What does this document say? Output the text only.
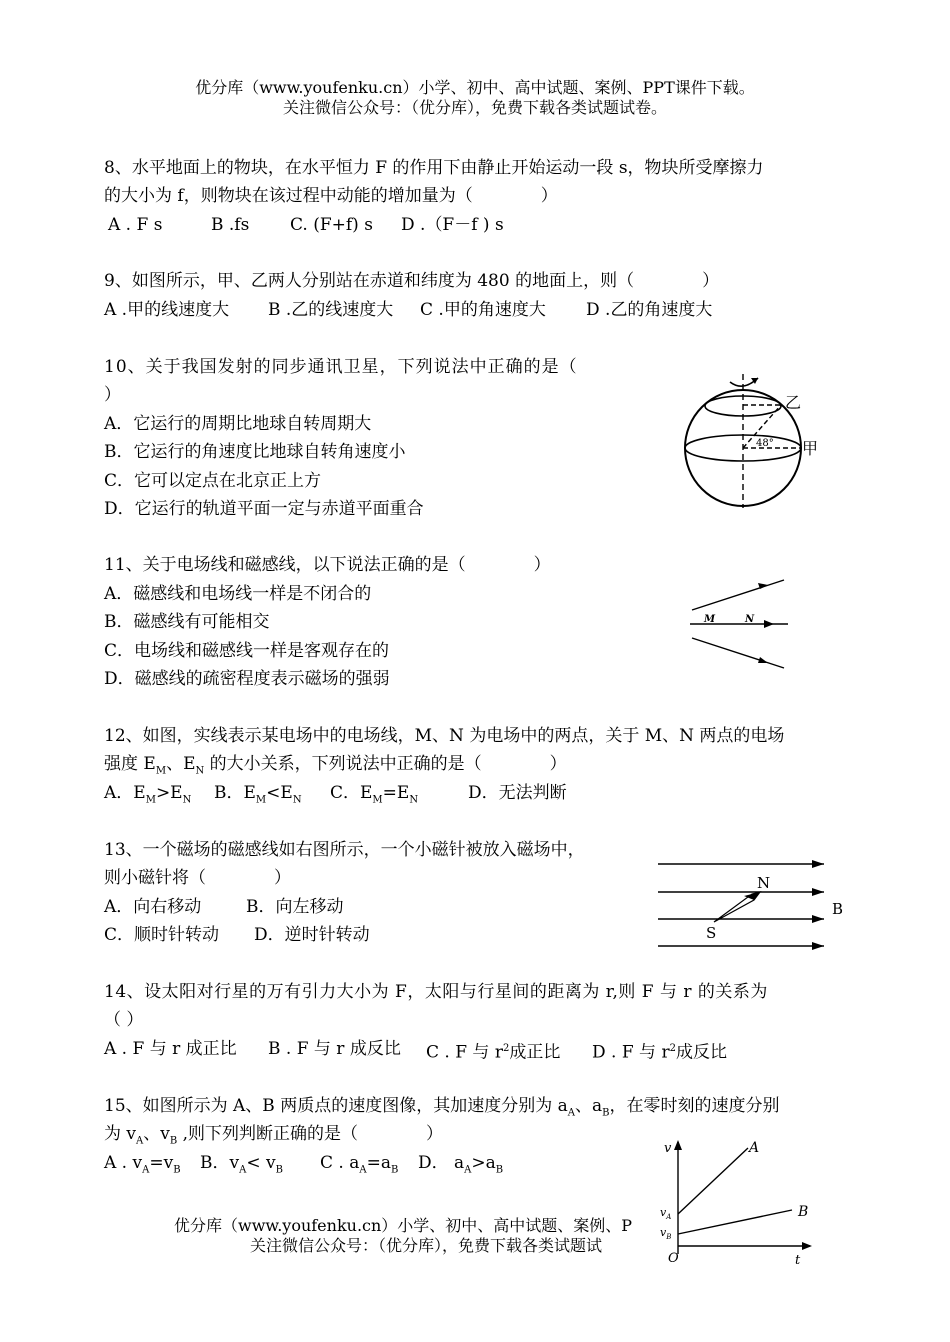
优分库（www.youfenku.cn）小学、初中、高中试题、案例、PPT课件下载。
关注微信公众号：（优分库），免费下载各类试题试卷。
8、水平地面上的物块，在水平恒力 F 的作用下由静止开始运动一段 s，物块所受摩擦力
的大小为 f，则物块在该过程中动能的增加量为（　　　　）
A . F s	B .fs C. (F+f) s D .（F－f ) s
9、如图所示，甲、乙两人分别站在赤道和纬度为 480 的地面上，则（　　　　）
A .甲的线速度大 B .乙的线速度大 C .甲的角速度大 D .乙的角速度大
10、关于我国发射的同步通讯卫星，下列说法中正确的是（
）
A．它运行的周期比地球自转周期大
B．它运行的角速度比地球自转角速度小
C．它可以定点在北京正上方
D．它运行的轨道平面一定与赤道平面重合
48°
乙
甲
11、关于电场线和磁感线，以下说法正确的是（　　　　）
A．磁感线和电场线一样是不闭合的
B．磁感线有可能相交
C．电场线和磁感线一样是客观存在的
D．磁感线的疏密程度表示磁场的强弱
M	N
12、如图，实线表示某电场中的电场线，M、N 为电场中的两点，关于 M、N 两点的电场
强度 $E_M$、$E_N$ 的大小关系，下列说法中正确的是（　　　　）
A．$E_M>E_N$ B．$E_M<E_N$ C．$E_M=E_N$	D．无法判断
13、一个磁场的磁感线如右图所示，一个小磁针被放入磁场中，
则小磁针将（　　　　）
A．向右移动	B．向左移动
C．顺时针转动 D．逆时针转动
N
S
B
14、设太阳对行星的万有引力大小为 F，太阳与行星间的距离为 r,则 F 与 r 的关系为
（ ）
A . F 与 r 成正比 B . F 与 r 成反比 C . F 与 $r^2$成正比 D . F 与 $r^2$成反比
15、如图所示为 A、B 两质点的速度图像，其加速度分别为 $a_A$、$a_B$，在零时刻的速度分别
为 $v_A$、$v_B$ ,则下列判断正确的是（　　　　）
A . $v_A=v_B$ B．$v_A< v_B$ C . $a_A=a_B$ D． $a_A>a_B$
优分库（www.youfenku.cn）小学、初中、高中试题、案例、P
关注微信公众号：（优分库），免费下载各类试题试
v
t
O
A
B
$v_A$
$v_B$
